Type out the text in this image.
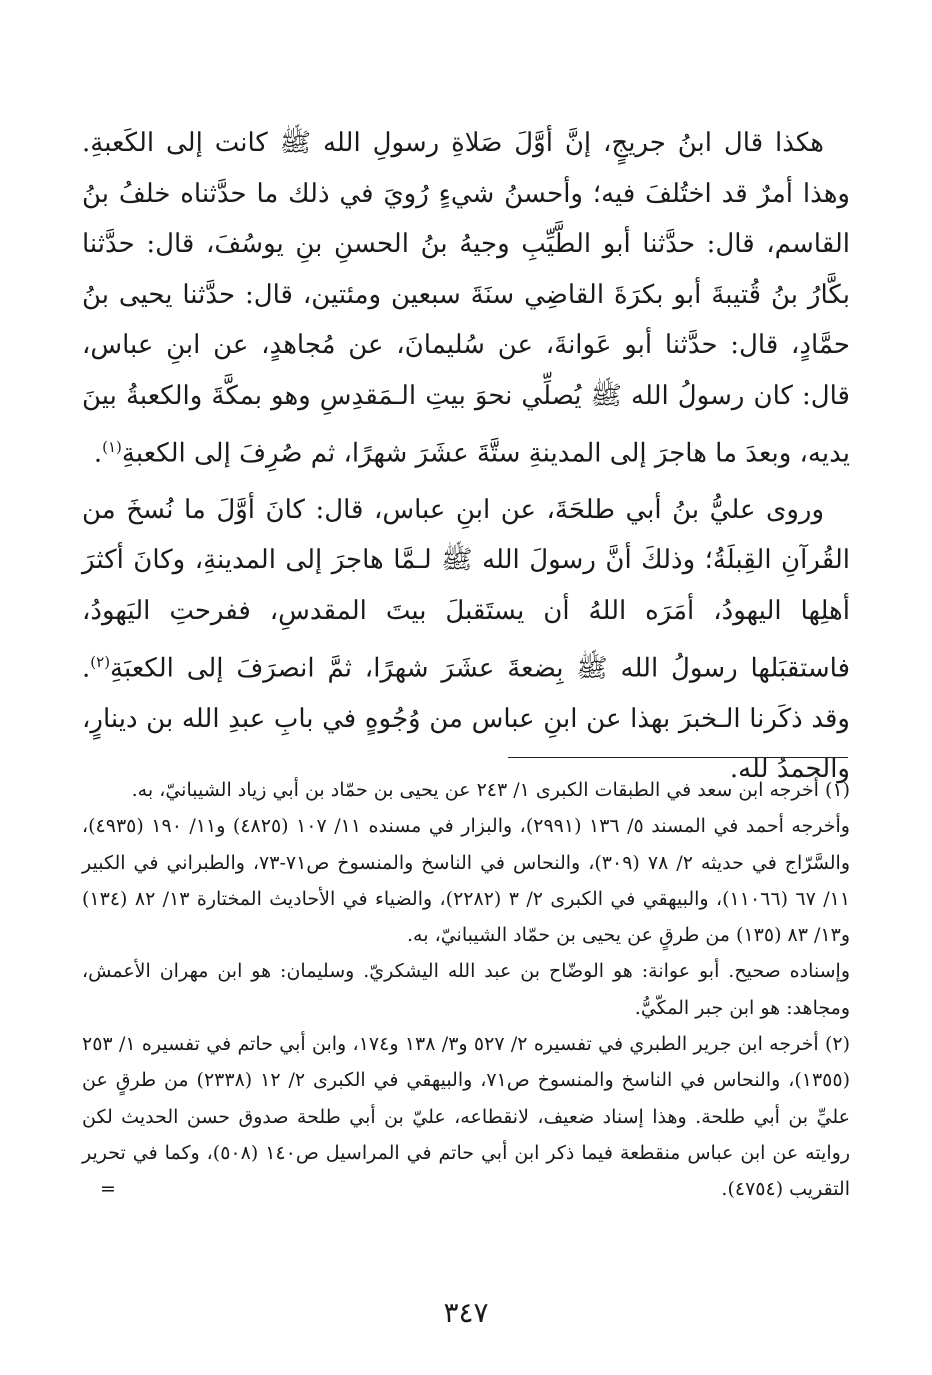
هكذا قال ابنُ جريجٍ، إنَّ أوَّلَ صَلاةِ رسولِ الله ﷺ كانت إلى الكَعبةِ. وهذا أمرٌ قد اختُلفَ فيه؛ وأحسنُ شيءٍ رُويَ في ذلك ما حدَّثناه خلفُ بنُ القاسم، قال: حدَّثنا أبو الطَّيِّبِ وجيهُ بنُ الحسنِ بنِ يوسُفَ، قال: حدَّثنا بكَّارُ بنُ قُتيبةَ أبو بكرَةَ القاضِي سنَةَ سبعين ومئتين، قال: حدَّثنا يحيى بنُ حمَّادٍ، قال: حدَّثنا أبو عَوانةَ، عن سُليمانَ، عن مُجاهدٍ، عن ابنِ عباس، قال: كان رسولُ الله ﷺ يُصلِّي نحوَ بيتِ الـمَقدِسِ وهو بمكَّةَ والكعبةُ بينَ يديه، وبعدَ ما هاجرَ إلى المدينةِ ستَّةَ عشَرَ شهرًا، ثم صُرِفَ إلى الكعبةِ$^{(١)}$.

وروى عليُّ بنُ أبي طلحَةَ، عن ابنِ عباس، قال: كانَ أوَّلَ ما نُسخَ من القُرآنِ القِبلَةُ؛ وذلكَ أنَّ رسولَ الله ﷺ لـمَّا هاجرَ إلى المدينةِ، وكانَ أكثرَ أهلِها اليهودُ، أمَرَه اللهُ أن يستَقبلَ بيتَ المقدسِ، ففرحتِ اليَهودُ، فاستقبَلها رسولُ الله ﷺ بِضعةَ عشَرَ شهرًا، ثمَّ انصرَفَ إلى الكعبَةِ$^{(٢)}$. وقد ذكَرنا الـخبرَ بهذا عن ابنِ عباس من وُجُوهٍ في بابِ عبدِ الله بن دينارٍ، والحمدُ لله.

(١) أخرجه ابن سعد في الطبقات الكبرى ١/ ٢٤٣ عن يحيى بن حمّاد بن أبي زياد الشيبانيّ، به.

وأخرجه أحمد في المسند ٥/ ١٣٦ (٢٩٩١)، والبزار في مسنده ١١/ ١٠٧ (٤٨٢٥) و١١/ ١٩٠ (٤٩٣٥)، والسَّرّاج في حديثه ٢/ ٧٨ (٣٠٩)، والنحاس في الناسخ والمنسوخ ص٧١-٧٣، والطبراني في الكبير ١١/ ٦٧ (١١٠٦٦)، والبيهقي في الكبرى ٢/ ٣ (٢٢٨٢)، والضياء في الأحاديث المختارة ١٣/ ٨٢ (١٣٤) و١٣/ ٨٣ (١٣٥) من طرقٍ عن يحيى بن حمّاد الشيبانيّ، به.

وإسناده صحيح. أبو عوانة: هو الوضّاح بن عبد الله اليشكريّ. وسليمان: هو ابن مهران الأعمش، ومجاهد: هو ابن جبر المكّيُّ.

(٢) أخرجه ابن جرير الطبري في تفسيره ٢/ ٥٢٧ و٣/ ١٣٨ و١٧٤، وابن أبي حاتم في تفسيره ١/ ٢٥٣ (١٣٥٥)، والنحاس في الناسخ والمنسوخ ص٧١، والبيهقي في الكبرى ٢/ ١٢ (٢٣٣٨) من طرقٍ عن عليِّ بن أبي طلحة. وهذا إسناد ضعيف، لانقطاعه، عليّ بن أبي طلحة صدوق حسن الحديث لكن روايته عن ابن عباس منقطعة فيما ذكر ابن أبي حاتم في المراسيل ص١٤٠ (٥٠٨)، وكما في تحرير التقريب (٤٧٥٤).
=

٣٤٧
